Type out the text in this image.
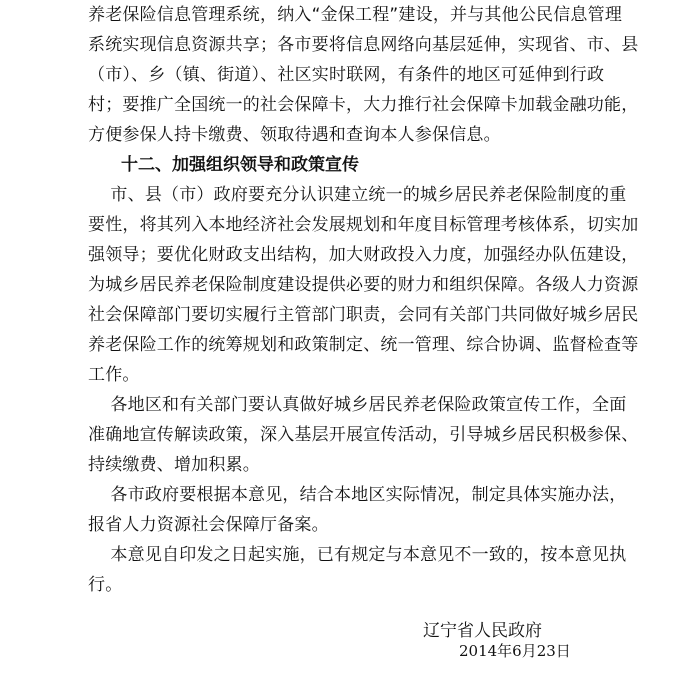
养老保险信息管理系统，纳入“金保工程”建设，并与其他公民信息管理
系统实现信息资源共享；各市要将信息网络向基层延伸，实现省、市、县
（市）、乡（镇、街道）、社区实时联网，有条件的地区可延伸到行政
村；要推广全国统一的社会保障卡，大力推行社会保障卡加载金融功能，
方便参保人持卡缴费、领取待遇和查询本人参保信息。
十二、加强组织领导和政策宣传
市、县（市）政府要充分认识建立统一的城乡居民养老保险制度的重
要性，将其列入本地经济社会发展规划和年度目标管理考核体系，切实加
强领导；要优化财政支出结构，加大财政投入力度，加强经办队伍建设，
为城乡居民养老保险制度建设提供必要的财力和组织保障。各级人力资源
社会保障部门要切实履行主管部门职责，会同有关部门共同做好城乡居民
养老保险工作的统筹规划和政策制定、统一管理、综合协调、监督检查等
工作。
各地区和有关部门要认真做好城乡居民养老保险政策宣传工作，全面
准确地宣传解读政策，深入基层开展宣传活动，引导城乡居民积极参保、
持续缴费、增加积累。
各市政府要根据本意见，结合本地区实际情况，制定具体实施办法，
报省人力资源社会保障厅备案。
本意见自印发之日起实施，已有规定与本意见不一致的，按本意见执
行。
辽宁省人民政府
2014年6月23日
